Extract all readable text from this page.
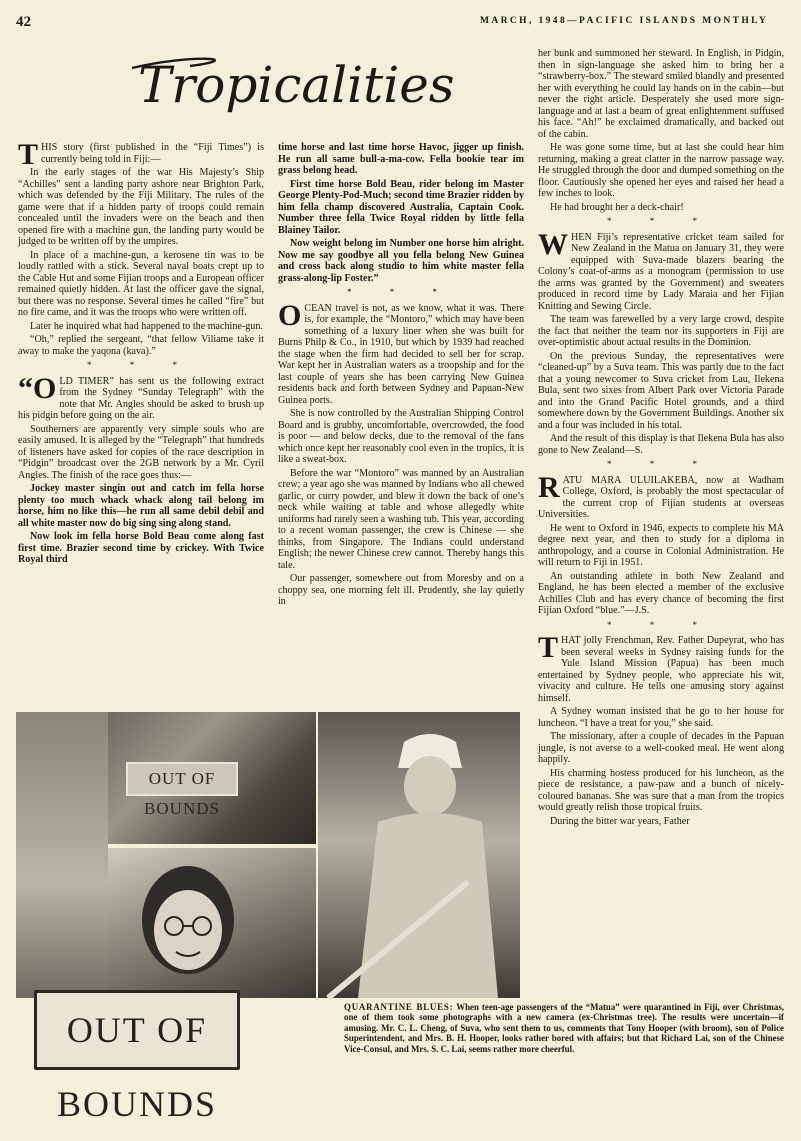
42	MARCH, 1948—PACIFIC ISLANDS MONTHLY
Tropicalities

THIS story (first published in the “Fiji Times”) is currently being told in Fiji:—

In the early stages of the war His Majesty’s Ship “Achilles” sent a landing party ashore near Brighton Park, which was defended by the Fiji Military. The rules of the game were that if a hidden party of troops could remain concealed until the invaders were on the beach and then opened fire with a machine gun, the landing party would be judged to be written off by the umpires.

In place of a machine-gun, a kerosene tin was to be loudly rattled with a stick. Several naval boats crept up to the Cable Hut and some Fijian troops and a European officer remained quietly hidden. At last the officer gave the signal, but there was no response. Several times he called “fire” but no fire came, and it was the troops who were written off.

Later he inquired what had happened to the machine-gun.

“Oh,” replied the sergeant, “that fellow Viliame take it away to make the yaqona (kava).”

* * *

“OLD TIMER” has sent us the following extract from the Sydney “Sunday Telegraph” with the note that Mr. Angles should be asked to brush up his pidgin before going on the air.

Southerners are apparently very simple souls who are easily amused. It is alleged by the “Telegraph” that hundreds of listeners have asked for copies of the race description in “Pidgin” broadcast over the 2GB network by a Mr. Cyril Angles. The finish of the race goes thus:—

Jockey master singin out and catch im fella horse plenty too much whack whack along tail belong im horse, him no like this—he run all same debil debil and all white master now do big sing sing along stand.

Now look im fella horse Bold Beau come along fast first time. Brazier second time by crickey. With Twice Royal third

time horse and last time horse Havoc, jigger up finish. He run all same bull-a-ma-cow. Fella bookie tear im grass belong head.

First time horse Bold Beau, rider belong im Master George Plenty-Pod-Much; second time Brazier ridden by him fella champ discovered Australia, Captain Cook. Number three fella Twice Royal ridden by little fella Blainey Tailor.

Now weight belong im Number one horse him alright. Now me say goodbye all you fella belong New Guinea and cross back along studio to him white master fella grass-along-lip Foster.”

* * *

OCEAN travel is not, as we know, what it was. There is, for example, the “Montoro,” which may have been something of a luxury liner when she was built for Burns Philp & Co., in 1910, but which by 1939 had reached the stage when the firm had decided to sell her for scrap. War kept her in Australian waters as a troopship and for the last couple of years she has been carrying New Guinea residents back and forth between Sydney and Papuan-New Guinea ports.

She is now controlled by the Australian Shipping Control Board and is grubby, uncomfortable, overcrowded, the food is poor — and below decks, due to the removal of the fans which once kept her reasonably cool even in the tropics, it is like a sweat-box.

Before the war “Montoro” was manned by an Australian crew; a year ago she was manned by Indians who all chewed garlic, or curry powder, and blew it down the back of one’s neck while waiting at table and whose allegedly white uniforms had rarely seen a washing tub. This year, according to a recent woman passenger, the crew is Chinese — she thinks, from Singapore. The Indians could understand English; the newer Chinese crew cannot. Thereby hangs this tale.

Our passenger, somewhere out from Moresby and on a choppy sea, one morning felt ill. Prudently, she lay quietly in

her bunk and summoned her steward. In English, in Pidgin, then in sign-language she asked him to bring her a “strawberry-box.” The steward smiled blandly and presented her with everything he could lay hands on in the cabin—but never the right article. Desperately she used more sign-language and at last a beam of great enlightenment suffused his face. “Ah!” he exclaimed dramatically, and backed out of the cabin.

He was gone some time, but at last she could hear him returning, making a great clatter in the narrow passage way. He struggled through the door and dumped something on the floor. Cautiously she opened her eyes and raised her head a few inches to look.

He had brought her a deck-chair!

* * *

WHEN Fiji’s representative cricket team sailed for New Zealand in the Matua on January 31, they were equipped with Suva-made blazers bearing the Colony’s coat-of-arms as a monogram (permission to use the arms was granted by the Government) and sweaters produced in record time by Lady Maraia and her Fijian Knitting and Sewing Circle.

The team was farewelled by a very large crowd, despite the fact that neither the team nor its supporters in Fiji are over-optimistic about actual results in the Dominion.

On the previous Sunday, the representatives were “cleaned-up” by a Suva team. This was partly due to the fact that a young newcomer to Suva cricket from Lau, Ilekena Bula, sent two sixes from Albert Park over Victoria Parade and into the Grand Pacific Hotel grounds, and a third somewhere down by the Government Buildings. Another six and a four was included in his total.

And the result of this display is that Ilekena Bula has also gone to New Zealand—S.

* * *

RATU MARA ULUILAKEBA, now at Wadham College, Oxford, is probably the most spectacular of the current crop of Fijian students at overseas Universities.

He went to Oxford in 1946, expects to complete his MA degree next year, and then to study for a diploma in anthropology, and a course in Colonial Administration. He will return to Fiji in 1951.

An outstanding athlete in both New Zealand and England, he has been elected a member of the exclusive Achilles Club and has every chance of becoming the first Fijian Oxford “blue.”—J.S.

* * *

THAT jolly Frenchman, Rev. Father Dupeyrat, who has been several weeks in Sydney raising funds for the Yule Island Mission (Papua) has been much entertained by Sydney people, who appreciate his wit, vivacity and culture. He tells one amusing story against himself.

A Sydney woman insisted that he go to her house for luncheon. “I have a treat for you,” she said.

The missionary, after a couple of decades in the Papuan jungle, is not averse to a well-cooked meal. He went along happily.

His charming hostess produced for his luncheon, as the piece de resistance, a paw-paw and a bunch of nicely-coloured bananas. She was sure that a man from the tropics would greatly relish those tropical fruits.

During the bitter war years, Father

OUT OF BOUNDS
OUT OF BOUNDS
QUARANTINE BLUES: When teen-age passengers of the “Matua” were quarantined in Fiji, over Christmas, one of them took some photographs with a new camera (ex-Christmas tree). The results were uncertain—if amusing. Mr. C. L. Cheng, of Suva, who sent them to us, comments that Tony Hooper (with broom), son of Police Superintendent, and Mrs. B. H. Hooper, looks rather bored with affairs; but that Richard Lai, son of the Chinese Vice-Consul, and Mrs. S. C. Lai, seems rather more cheerful.
